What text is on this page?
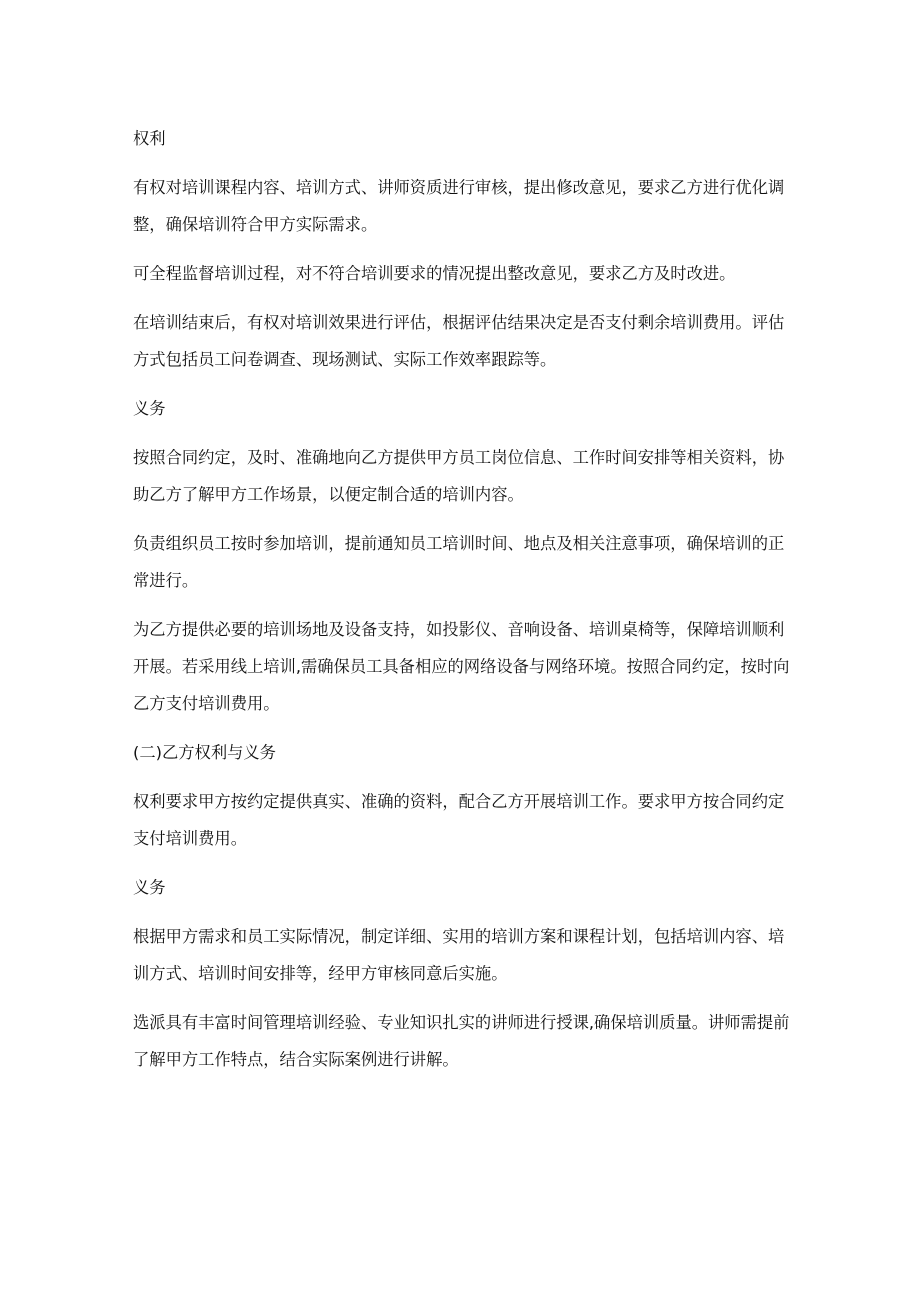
权利

有权对培训课程内容、培训方式、讲师资质进行审核，提出修改意见，要求乙方进行优化调整，确保培训符合甲方实际需求。

可全程监督培训过程，对不符合培训要求的情况提出整改意见，要求乙方及时改进。

在培训结束后，有权对培训效果进行评估，根据评估结果决定是否支付剩余培训费用。评估方式包括员工问卷调查、现场测试、实际工作效率跟踪等。

义务

按照合同约定，及时、准确地向乙方提供甲方员工岗位信息、工作时间安排等相关资料，协助乙方了解甲方工作场景，以便定制合适的培训内容。

负责组织员工按时参加培训，提前通知员工培训时间、地点及相关注意事项，确保培训的正常进行。

为乙方提供必要的培训场地及设备支持，如投影仪、音响设备、培训桌椅等，保障培训顺利开展。若采用线上培训,需确保员工具备相应的网络设备与网络环境。按照合同约定，按时向乙方支付培训费用。

(二)乙方权利与义务

权利要求甲方按约定提供真实、准确的资料，配合乙方开展培训工作。要求甲方按合同约定支付培训费用。

义务

根据甲方需求和员工实际情况，制定详细、实用的培训方案和课程计划，包括培训内容、培训方式、培训时间安排等，经甲方审核同意后实施。

选派具有丰富时间管理培训经验、专业知识扎实的讲师进行授课,确保培训质量。讲师需提前了解甲方工作特点，结合实际案例进行讲解。
